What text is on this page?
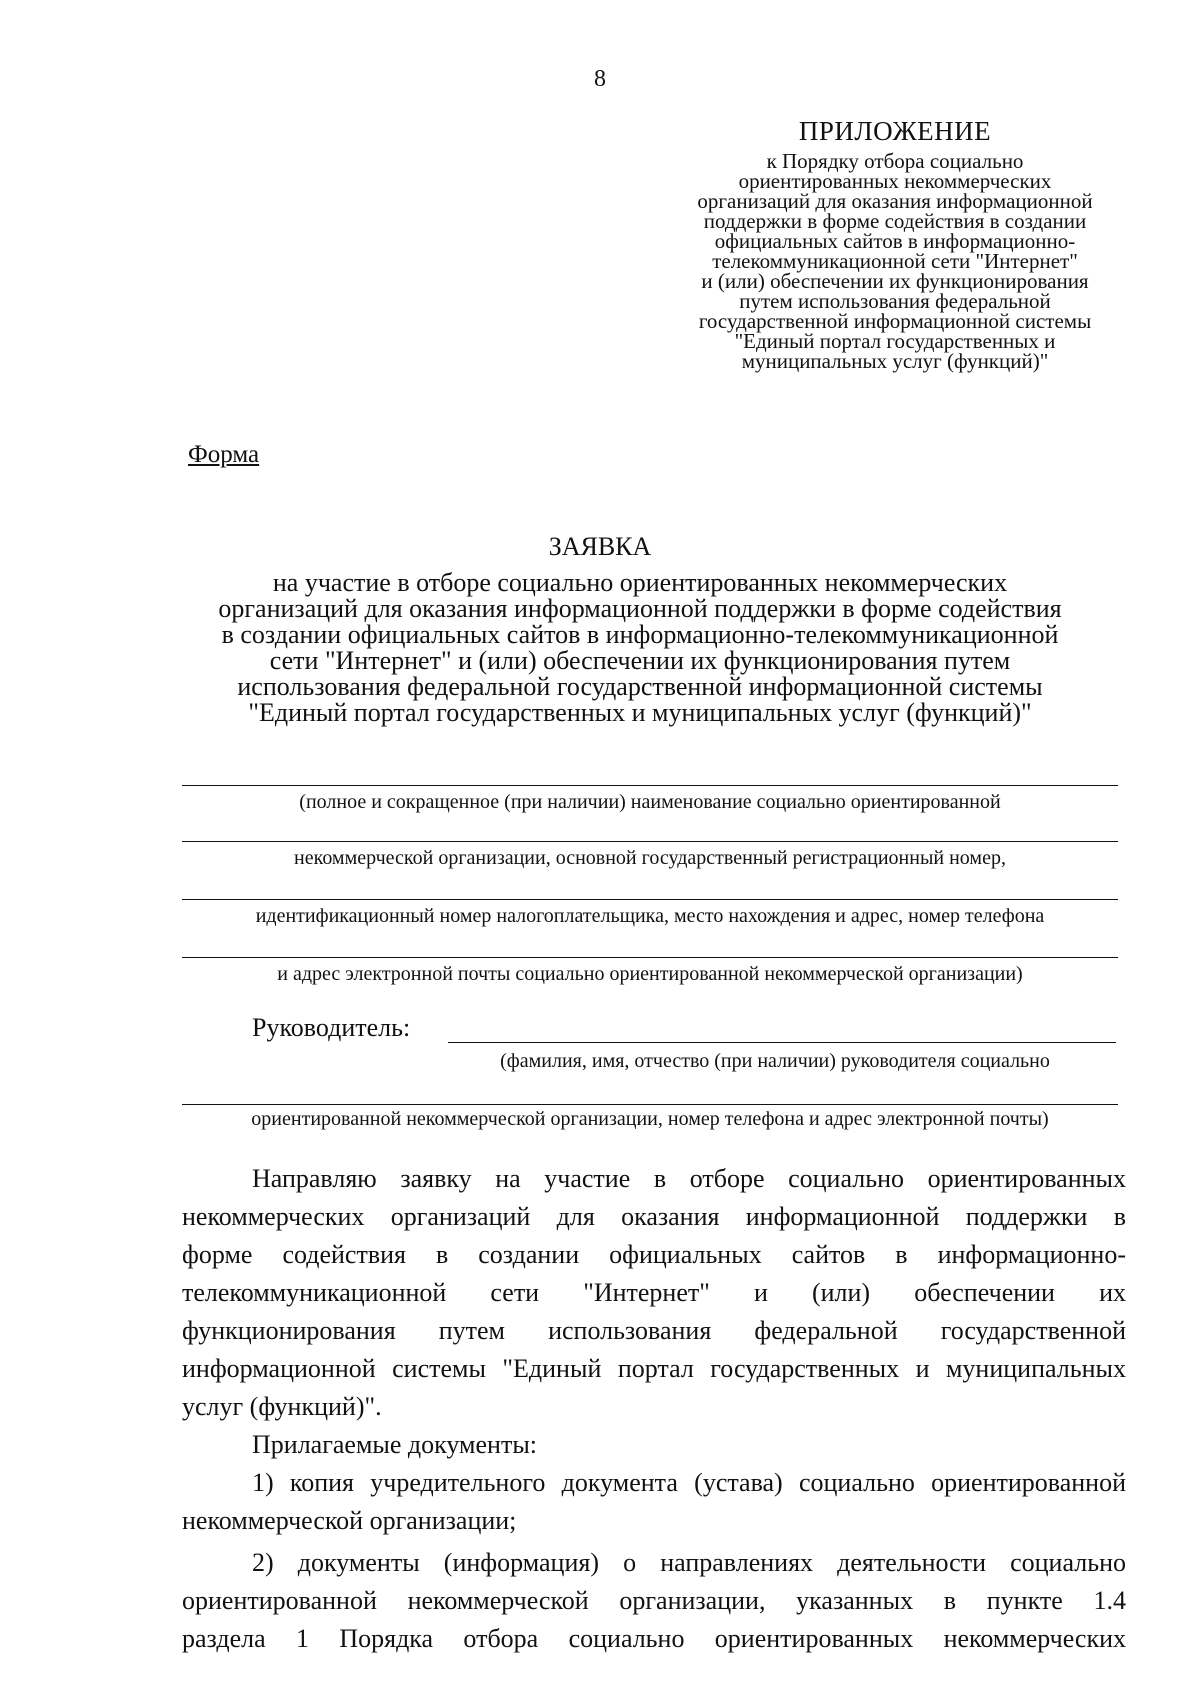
8
ПРИЛОЖЕНИЕ
к Порядку отбора социально
ориентированных некоммерческих
организаций для оказания информационной
поддержки в форме содействия в создании
официальных сайтов в информационно-
телекоммуникационной сети "Интернет"
и (или) обеспечении их функционирования
путем использования федеральной
государственной информационной системы
"Единый портал государственных и
муниципальных услуг (функций)"
Форма
ЗАЯВКА
на участие в отборе социально ориентированных некоммерческих
организаций для оказания информационной поддержки в форме содействия
в создании официальных сайтов в информационно-телекоммуникационной
сети "Интернет" и (или) обеспечении их функционирования путем
использования федеральной государственной информационной системы
"Единый портал государственных и муниципальных услуг (функций)"
(полное и сокращенное (при наличии) наименование социально ориентированной
некоммерческой организации, основной государственный регистрационный номер,
идентификационный номер налогоплательщика, место нахождения и адрес, номер телефона
и адрес электронной почты социально ориентированной некоммерческой организации)
Руководитель:
(фамилия, имя, отчество (при наличии) руководителя социально
ориентированной некоммерческой организации, номер телефона и адрес электронной почты)
Направляю заявку на участие в отборе социально ориентированных
некоммерческих организаций для оказания информационной поддержки в
форме содействия в создании официальных сайтов в информационно-
телекоммуникационной сети "Интернет" и (или) обеспечении их
функционирования путем использования федеральной государственной
информационной системы "Единый портал государственных и муниципальных
услуг (функций)".
Прилагаемые документы:
1) копия учредительного документа (устава) социально ориентированной
некоммерческой организации;
2) документы (информация) о направлениях деятельности социально
ориентированной некоммерческой организации, указанных в пункте 1.4
раздела 1 Порядка отбора социально ориентированных некоммерческих
